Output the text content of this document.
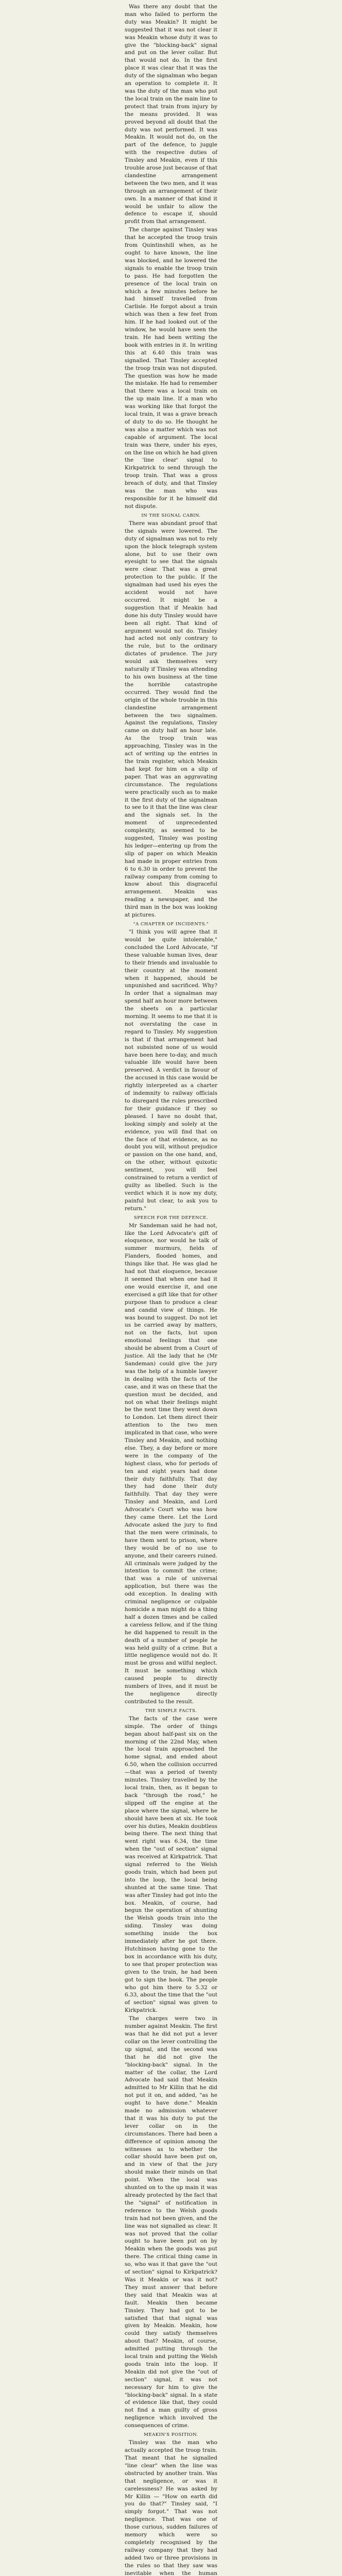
Was there any doubt that the man who failed to perform the duty was Meakin? It might be suggested that it was not clear it was Meakin whose duty it was to give the "blocking-back" signal and put on the lever collar. But that would not do. In the first place it was clear that it was the duty of the signalman who began an operation to complete it. It was the duty of the man who put the local train on the main line to protect that train from injury by the means provided. It was proved beyond all doubt that the duty was not performed. It was Meakin. It would not do, on the part of the defence, to juggle with the respective duties of Tinsley and Meakin, even if this trouble arose just because of that clandestine arrangement between the two men, and it was through an arrangement of their own. In a manner of that kind it would be unfair to allow the defence to escape if, should profit from that arrangement.

The charge against Tinsley was that he accepted the troop train from Quintinshill when, as he ought to have known, the line was blocked, and he lowered the signals to enable the troop train to pass. He had forgotten the presence of the local train on which a few minutes before he had himself travelled from Carlisle. He forgot about a train which was then a few feet from him. If he had looked out of the window, he would have seen the train. He had been writing the book with entries in it. In writing this at 6.40 this train was signalled. That Tinsley accepted the troop train was not disputed. The question was how he made the mistake. He had to remember that there was a local train on the up main line. If a man who was working like that forgot the local train, it was a grave breach of duty to do so. He thought he was also a matter which was not capable of argument. The local train was there, under his eyes, on the line on which he had given the 'line clear' signal to Kirkpatrick to send through the troop train. That was a gross breach of duty, and that Tinsley was the man who was responsible for it he himself did not dispute.

IN THE SIGNAL CABIN.

There was abundant proof that the signals were lowered. The duty of signalman was not to rely upon the block telegraph system alone, but to use their own eyesight to see that the signals were clear. That was a great protection to the public. If the signalman had used his eyes the accident would not have occurred. It might be a suggestion that if Meakin had done his duty Tinsley would have been all right. That kind of argument would not do. Tinsley had acted not only contrary to the rule, but to the ordinary dictates of prudence. The jury would ask themselves very naturally if Tinsley was attending to his own business at the time the horrible catastrophe occurred. They would find the origin of the whole trouble in this clandestine arrangement between the two signalmen. Against the regulations, Tinsley came on duty half an hour late. As the troop train was approaching, Tinsley was in the act of writing up the entries in the train register, which Meakin had kept for him on a slip of paper. That was an aggravating circumstance. The regulations were practically such as to make it the first duty of the signalman to see to it that the line was clear and the signals set. In the moment of unprecedented complexity, as seemed to be suggested, Tinsley was posting his ledger—entering up from the slip of paper on which Meakin had made in proper entries from 6 to 6.30 in order to prevent the railway company from coming to know about this disgraceful arrangement. Meakin was reading a newspaper, and the third man in the box was looking at pictures.

"A CHAPTER OF INCIDENTS."

"I think you will agree that it would be quite intolerable," concluded the Lord Advocate, "if these valuable human lives, dear to their friends and invaluable to their country at the moment when it happened, should be unpunished and sacrificed. Why? In order that a signalman may spend half an hour more between the sheets on a particular morning. It seems to me that it is not overstating the case in regard to Tinsley. My suggestion is that if that arrangement had not subsisted none of us would have been here to-day, and much valuable life would have been preserved. A verdict in favour of the accused in this case would be rightly interpreted as a charter of indemnity to railway officials to disregard the rules prescribed for their guidance if they so pleased. I have no doubt that, looking simply and solely at the evidence, you will find that on the face of that evidence, as no doubt you will, without prejudice or passion on the one hand, and, on the other, without quixotic sentiment, you will feel constrained to return a verdict of guilty as libelled. Such is the verdict which it is now my duty, painful but clear, to ask you to return."

SPEECH FOR THE DEFENCE.

Mr Sandeman said he had not, like the Lord Advocate's gift of eloquence, nor would he talk of summer murmurs, fields of Flanders, flooded homes, and things like that. He was glad he had not that eloquence, because it seemed that when one had it one would exercise it, and one exercised a gift like that for other purpose than to produce a clear and candid view of things. He was bound to suggest. Do not let us be carried away by matters, not on the facts, but upon emotional feelings that one should be absent from a Court of justice. All the lady that he (Mr Sandeman) could give the jury was the help of a humble lawyer in dealing with the facts of the case, and it was on these that the question must be decided, and not on what their feelings might be the next time they went down to London. Let them direct their attention to the two men implicated in that case, who were Tinsley and Meakin, and nothing else. They, a day before or more were in the company of the highest class, who for periods of ten and eight years had done their duty faithfully. That day they had done their duty faithfully. That day they were Tinsley and Meakin, and Lord Advocate's Court who was how they came there. Let the Lord Advocate asked the jury to find that the men were criminals, to have them sent to prison, where they would be of no use to anyone, and their careers ruined. All criminals were judged by the intention to commit the crime; that was a rule of universal application, but there was the odd exception. In dealing with criminal negligence or culpable homicide a man might do a thing half a dozen times and be called a careless fellow, and if the thing he did happened to result in the death of a number of people he was held guilty of a crime. But a little negligence would not do. It must be gross and wilful neglect. It must be something which caused people to directly numbers of lives, and it must be the negligence directly contributed to the result.

THE SIMPLE FACTS.

The facts of the case were simple. The order of things began about half-past six on the morning of the 22nd May, when the local train approached the home signal, and ended about 6.50, when the collision occurred —that was a period of twenty minutes. Tinsley travelled by the local train, then, as it began to back "through the road," he slipped off the engine at the place where the signal, where he should have been at six. He took over his duties, Meakin doubtless being there. The next thing that went right was 6.34, the time when the "out of section" signal was received at Kirkpatrick. That signal referred to the Welsh goods train, which had been put into the loop, the local being shunted at the same time. That was after Tinsley had got into the box. Meakin, of course, had begun the operation of shunting the Welsh goods train into the siding. Tinsley was doing something inside the box immediately after he got there. Hutchinson having gone to the box in accordance with his duty, to see that proper protection was given to the train, he had been got to sign the book. The people who got him there to 5.32 or 6.33, about the time that the "out of section" signal was given to Kirkpatrick.

The charges were two in number against Meakin. The first was that he did not put a lever collar on the lever controlling the up signal, and the second was that he did not give the "blocking-back" signal. In the matter of the collar, the Lord Advocate had said that Meakin admitted to Mr Killin that he did not put it on, and added, "as he ought to have done." Meakin made no admission whatever that it was his duty to put the lever collar on in the circumstances. There had been a difference of opinion among the witnesses as to whether the collar should have been put on, and in view of that the jury should make their minds on that point. When the local was shunted on to the up main it was already protected by the fact that the "signal" of notification in reference to the Welsh goods train had not been given, and the line was not signalled as clear. It was not proved that the collar ought to have been put on by Meakin when the goods was put there. The critical thing came in so, who was it that gave the "out of section" signal to Kirkpatrick? Was it Meakin or was it not? They must answer that before they said that Meakin was at fault. Meakin then became Tinsley. They had got to be satisfied that that signal was given by Meakin. Meakin, how could they satisfy themselves about that? Meakin, of course, admitted putting through the local train and putting the Welsh goods train into the loop. If Meakin did not give the "out of section" signal, it was not necessary for him to give the "blocking-back" signal. In a state of evidence like that, they could not find a man guilty of gross negligence which involved the consequences of crime.

MEAKIN'S POSITION.

Tinsley was the man who actually accepted the troop train. That meant that he signalled "line clear" when the line was obstructed by another train. Was that negligence, or was it carelessness? He was asked by Mr Killin — "How on earth did you do that?" Tinsley said, "I simply forgot." That was not negligence. That was one of those curious, sudden failures of memory which were so completely recognised by the railway company that they had added two or three provisions in the rules so that they saw was inevitable when the human
